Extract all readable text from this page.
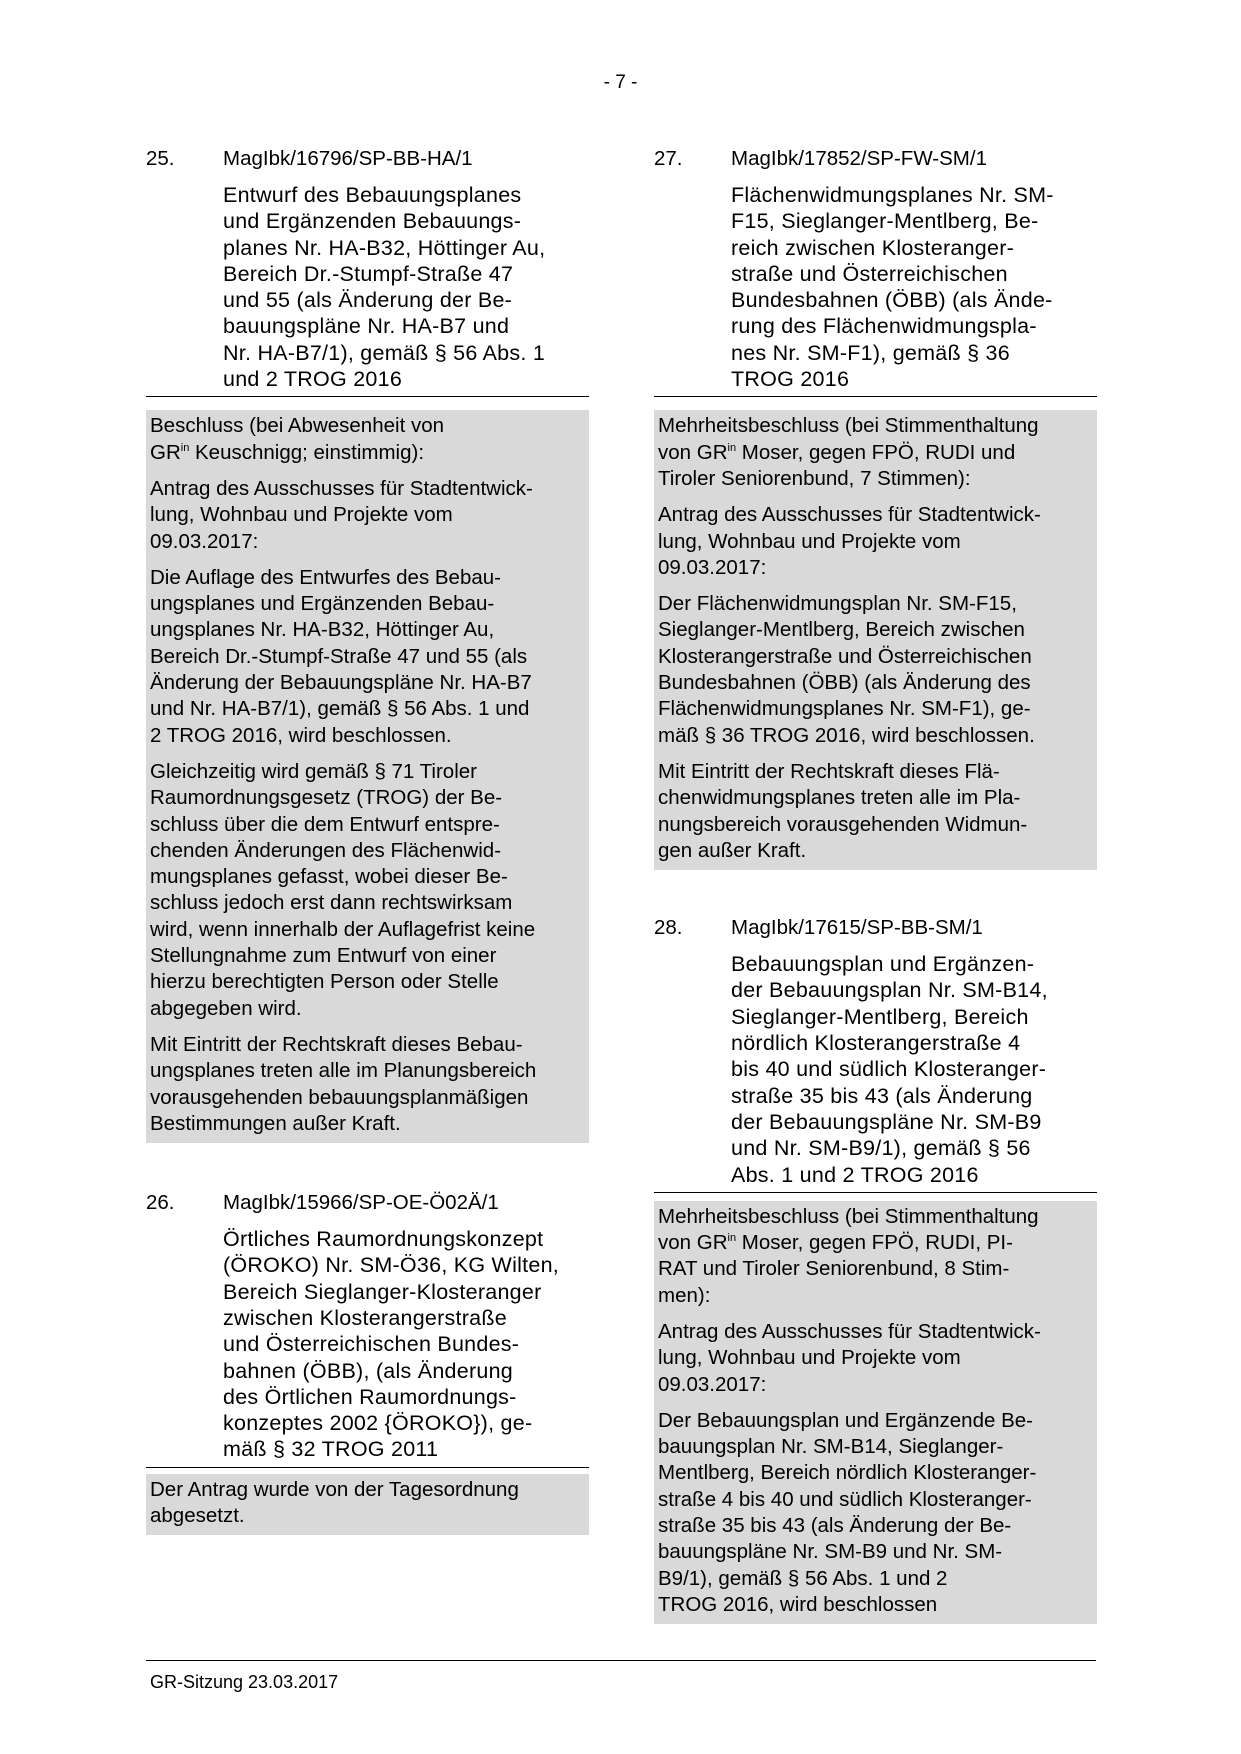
- 7 -
25.	MagIbk/16796/SP-BB-HA/1
Entwurf des Bebauungsplanes
und Ergänzenden Bebauungs-
planes Nr. HA-B32, Höttinger Au,
Bereich Dr.-Stumpf-Straße 47
und 55 (als Änderung der Be-
bauungspläne Nr. HA-B7 und
Nr. HA-B7/1), gemäß § 56 Abs. 1
und 2 TROG 2016

Beschluss (bei Abwesenheit von
$GR^{in}$ Keuschnigg; einstimmig):

Antrag des Ausschusses für Stadtentwick-
lung, Wohnbau und Projekte vom
09.03.2017:

Die Auflage des Entwurfes des Bebau-
ungsplanes und Ergänzenden Bebau-
ungsplanes Nr. HA-B32, Höttinger Au,
Bereich Dr.-Stumpf-Straße 47 und 55 (als
Änderung der Bebauungspläne Nr. HA-B7
und Nr. HA-B7/1), gemäß § 56 Abs. 1 und
2 TROG 2016, wird beschlossen.

Gleichzeitig wird gemäß § 71 Tiroler
Raumordnungsgesetz (TROG) der Be-
schluss über die dem Entwurf entspre-
chenden Änderungen des Flächenwid-
mungsplanes gefasst, wobei dieser Be-
schluss jedoch erst dann rechtswirksam
wird, wenn innerhalb der Auflagefrist keine
Stellungnahme zum Entwurf von einer
hierzu berechtigten Person oder Stelle
abgegeben wird.

Mit Eintritt der Rechtskraft dieses Bebau-
ungsplanes treten alle im Planungsbereich
vorausgehenden bebauungsplanmäßigen
Bestimmungen außer Kraft.

26.	MagIbk/15966/SP-OE-Ö02Ä/1
Örtliches Raumordnungskonzept
(ÖROKO) Nr. SM-Ö36, KG Wilten,
Bereich Sieglanger-Klosteranger
zwischen Klosterangerstraße
und Österreichischen Bundes-
bahnen (ÖBB), (als Änderung
des Örtlichen Raumordnungs-
konzeptes 2002 {ÖROKO}), ge-
mäß § 32 TROG 2011

Der Antrag wurde von der Tagesordnung
abgesetzt.

27.	MagIbk/17852/SP-FW-SM/1
Flächenwidmungsplanes Nr. SM-
F15, Sieglanger-Mentlberg, Be-
reich zwischen Klosteranger-
straße und Österreichischen
Bundesbahnen (ÖBB) (als Ände-
rung des Flächenwidmungspla-
nes Nr. SM-F1), gemäß § 36
TROG 2016

Mehrheitsbeschluss (bei Stimmenthaltung
von $GR^{in}$ Moser, gegen FPÖ, RUDI und
Tiroler Seniorenbund, 7 Stimmen):

Antrag des Ausschusses für Stadtentwick-
lung, Wohnbau und Projekte vom
09.03.2017:

Der Flächenwidmungsplan Nr. SM-F15,
Sieglanger-Mentlberg, Bereich zwischen
Klosterangerstraße und Österreichischen
Bundesbahnen (ÖBB) (als Änderung des
Flächenwidmungsplanes Nr. SM-F1), ge-
mäß § 36 TROG 2016, wird beschlossen.

Mit Eintritt der Rechtskraft dieses Flä-
chenwidmungsplanes treten alle im Pla-
nungsbereich vorausgehenden Widmun-
gen außer Kraft.

28.	MagIbk/17615/SP-BB-SM/1
Bebauungsplan und Ergänzen-
der Bebauungsplan Nr. SM-B14,
Sieglanger-Mentlberg, Bereich
nördlich Klosterangerstraße 4
bis 40 und südlich Klosteranger-
straße 35 bis 43 (als Änderung
der Bebauungspläne Nr. SM-B9
und Nr. SM-B9/1), gemäß § 56
Abs. 1 und 2 TROG 2016

Mehrheitsbeschluss (bei Stimmenthaltung
von $GR^{in}$ Moser, gegen FPÖ, RUDI, PI-
RAT und Tiroler Seniorenbund, 8 Stim-
men):

Antrag des Ausschusses für Stadtentwick-
lung, Wohnbau und Projekte vom
09.03.2017:

Der Bebauungsplan und Ergänzende Be-
bauungsplan Nr. SM-B14, Sieglanger-
Mentlberg, Bereich nördlich Klosteranger-
straße 4 bis 40 und südlich Klosteranger-
straße 35 bis 43 (als Änderung der Be-
bauungspläne Nr. SM-B9 und Nr. SM-
B9/1), gemäß § 56 Abs. 1 und 2
TROG 2016, wird beschlossen

GR-Sitzung 23.03.2017
